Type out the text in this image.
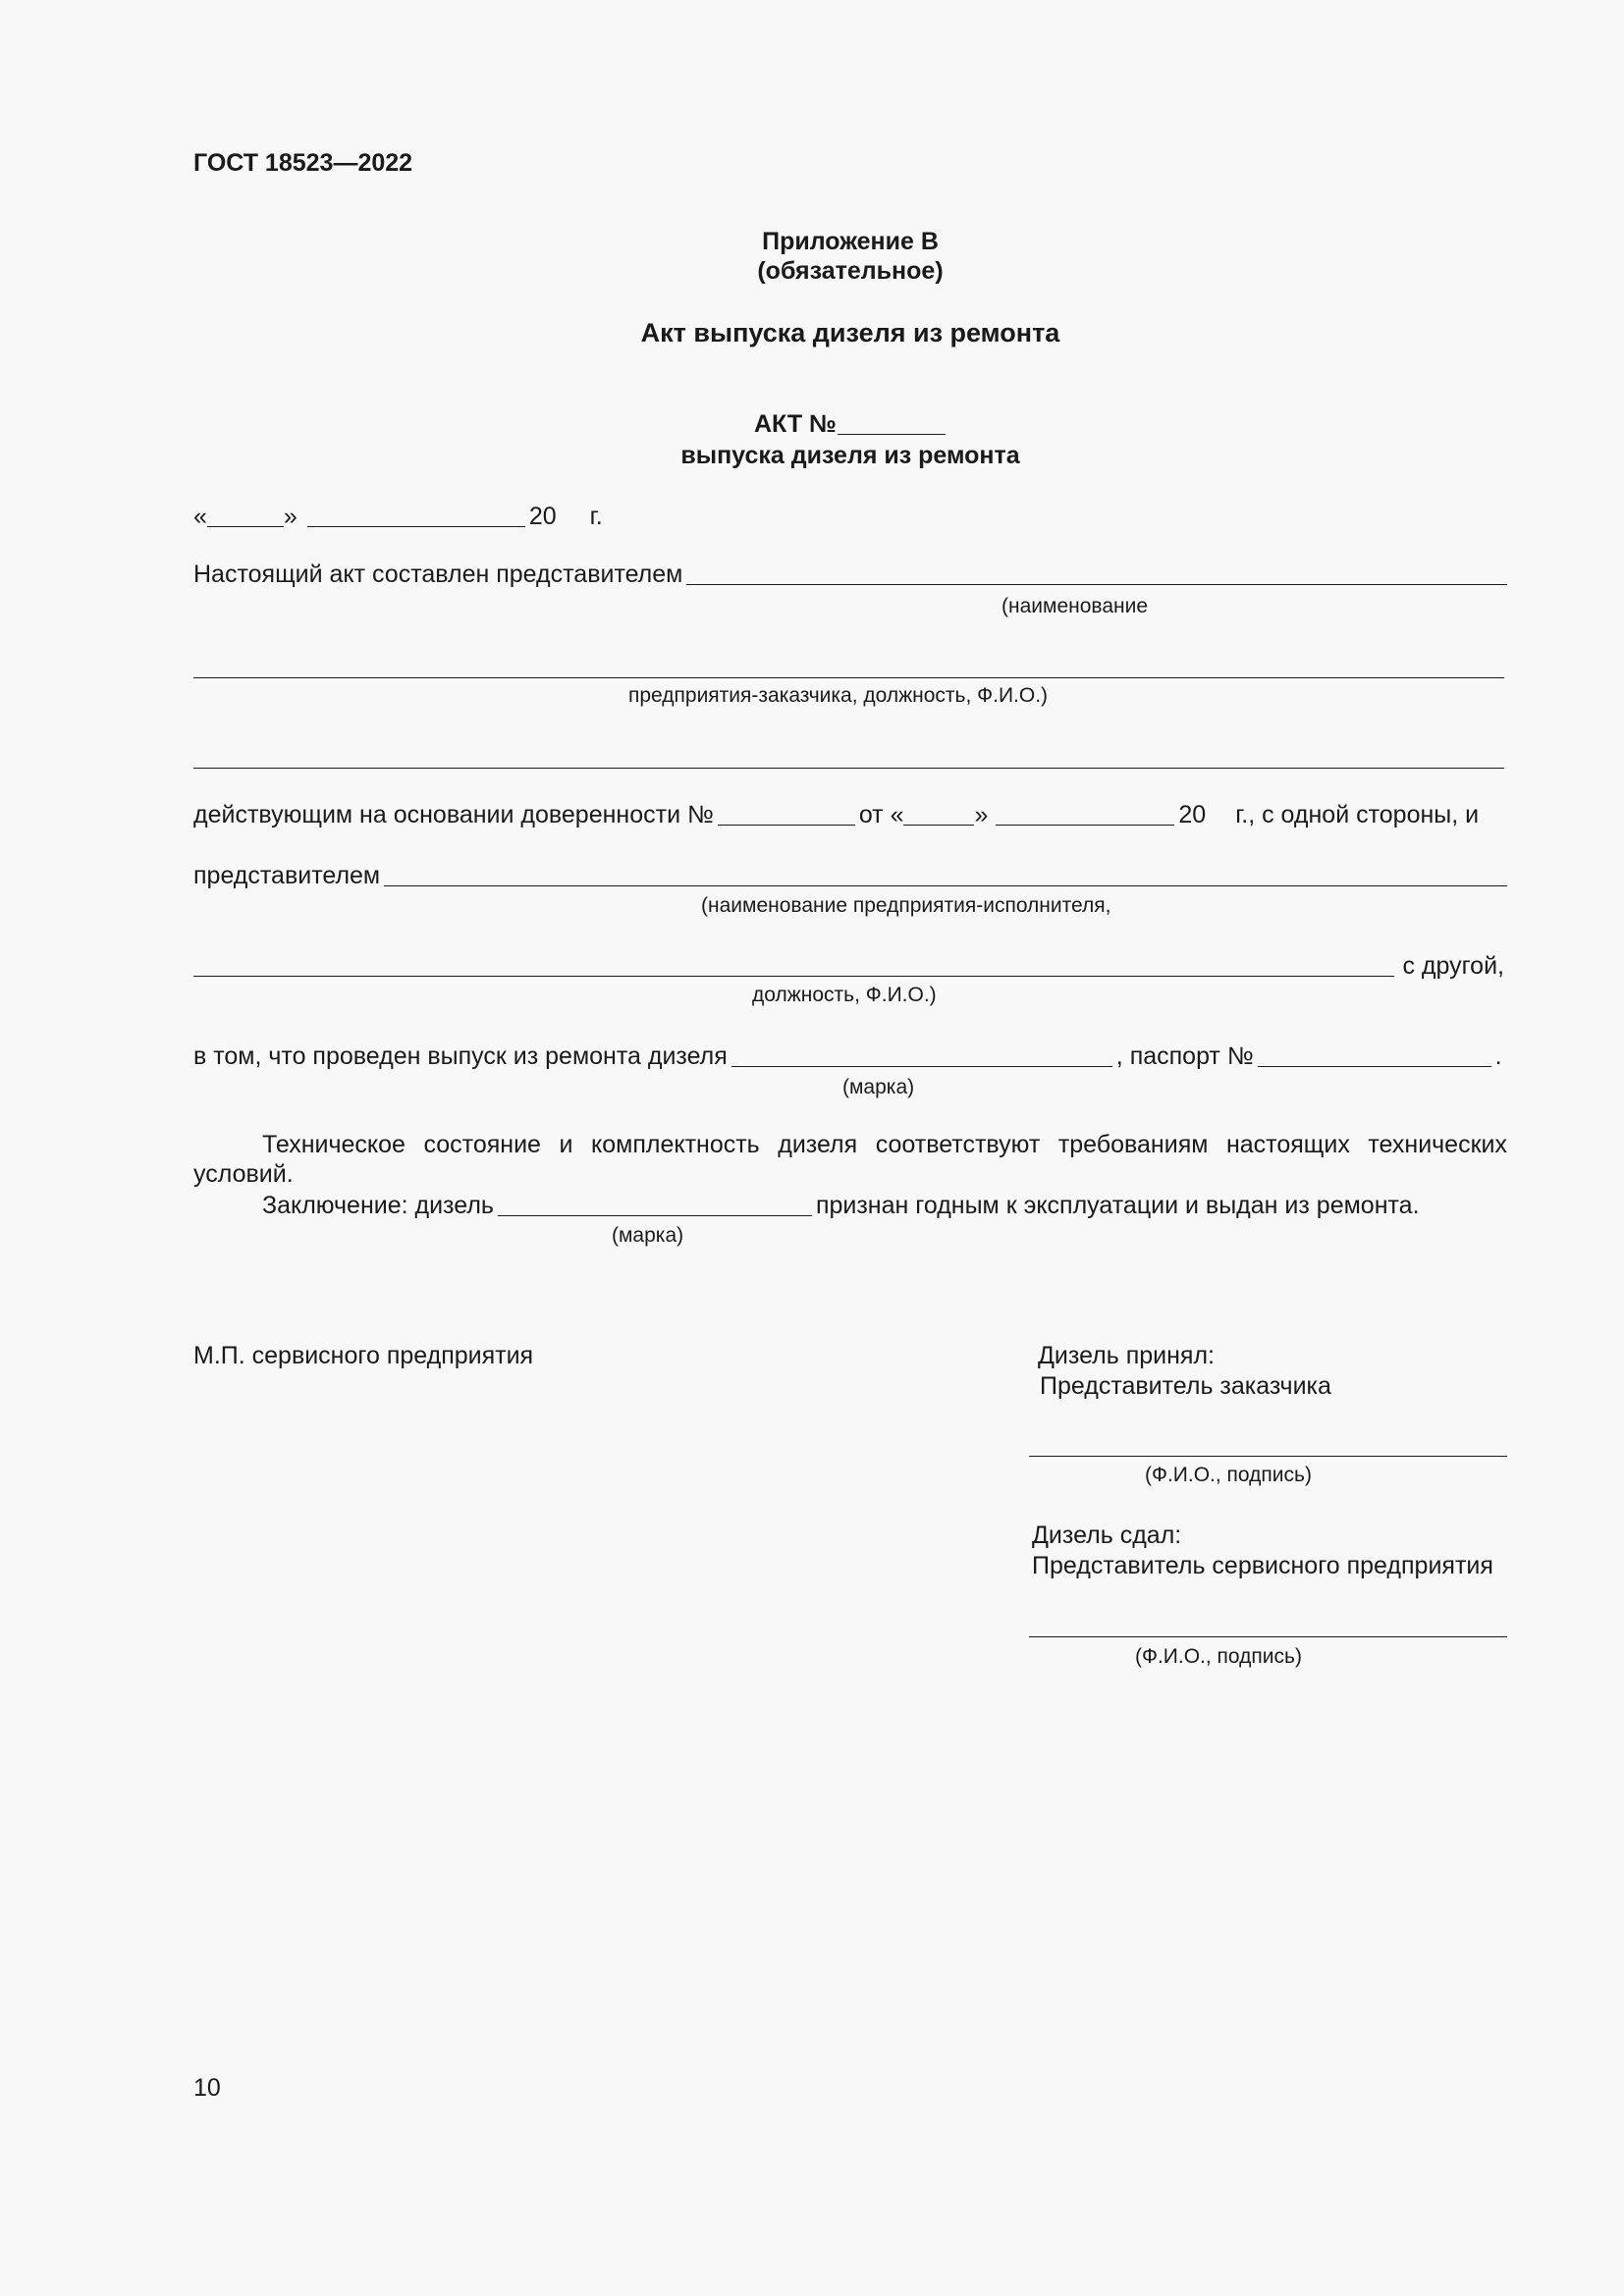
ГОСТ 18523—2022
Приложение В
(обязательное)
Акт выпуска дизеля из ремонта
АКТ №
выпуска дизеля из ремонта
«	»	20 г.
Настоящий акт составлен представителем
(наименование
предприятия-заказчика, должность, Ф.И.О.)
действующим на основании доверенности №	от «	»	20 г., с одной стороны, и
представителем
(наименование предприятия-исполнителя,
с другой,
должность, Ф.И.О.)
в том, что проведен выпуск из ремонта дизеля	, паспорт №	.
(марка)
Техническое состояние и комплектность дизеля соответствуют требованиям настоящих технических условий.
Заключение: дизель	признан годным к эксплуатации и выдан из ремонта.
(марка)
М.П. сервисного предприятия	Дизель принял:
Представитель заказчика
(Ф.И.О., подпись)
Дизель сдал:
Представитель сервисного предприятия
(Ф.И.О., подпись)
10
